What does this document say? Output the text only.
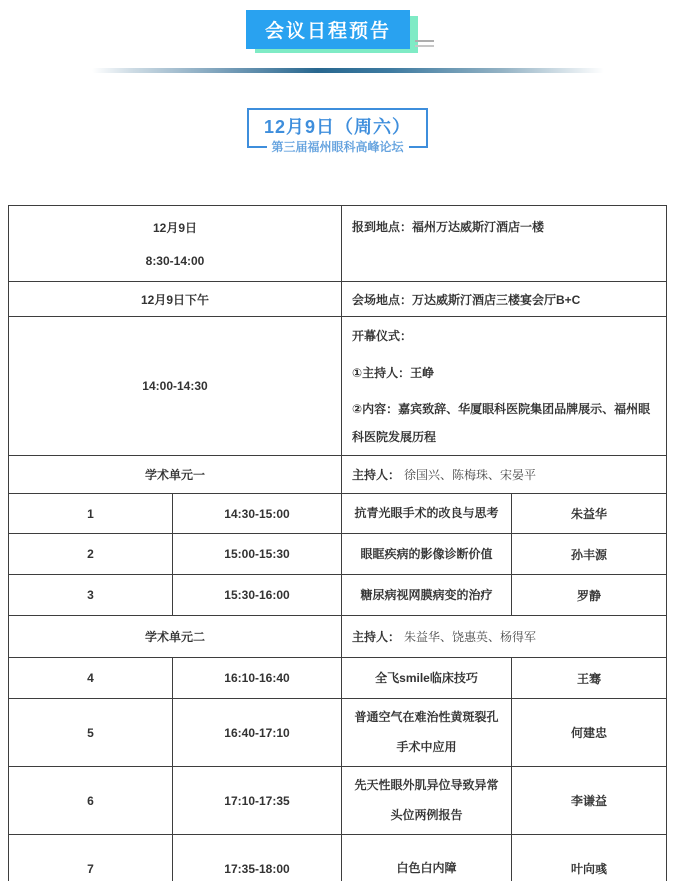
会议日程预告
12月9日（周六）
第三届福州眼科高峰论坛
12月9日
8:30-14:00		报到地点：福州万达威斯汀酒店一楼	
12月9日下午		会场地点：万达威斯汀酒店三楼宴会厅B+C	
14:00-14:30		开幕仪式：

①主持人：王峥

②内容：嘉宾致辞、华厦眼科医院集团品牌展示、福州眼科医院发展历程	

学术单元一		主持人： 徐国兴、陈梅珠、宋晏平	
1	14:30-15:00	抗青光眼手术的改良与思考	朱益华
2	15:00-15:30	眼眶疾病的影像诊断价值	孙丰源
3	15:30-16:00	糖尿病视网膜病变的治疗	罗静
学术单元二		主持人： 朱益华、饶惠英、杨得军	
4	16:10-16:40	全飞smile临床技巧	王骞
5	16:40-17:10	普通空气在难治性黄斑裂孔手术中应用	何建忠
6	17:10-17:35	先天性眼外肌异位导致异常头位两例报告	李谦益
7	17:35-18:00	白色白内障	叶向彧
